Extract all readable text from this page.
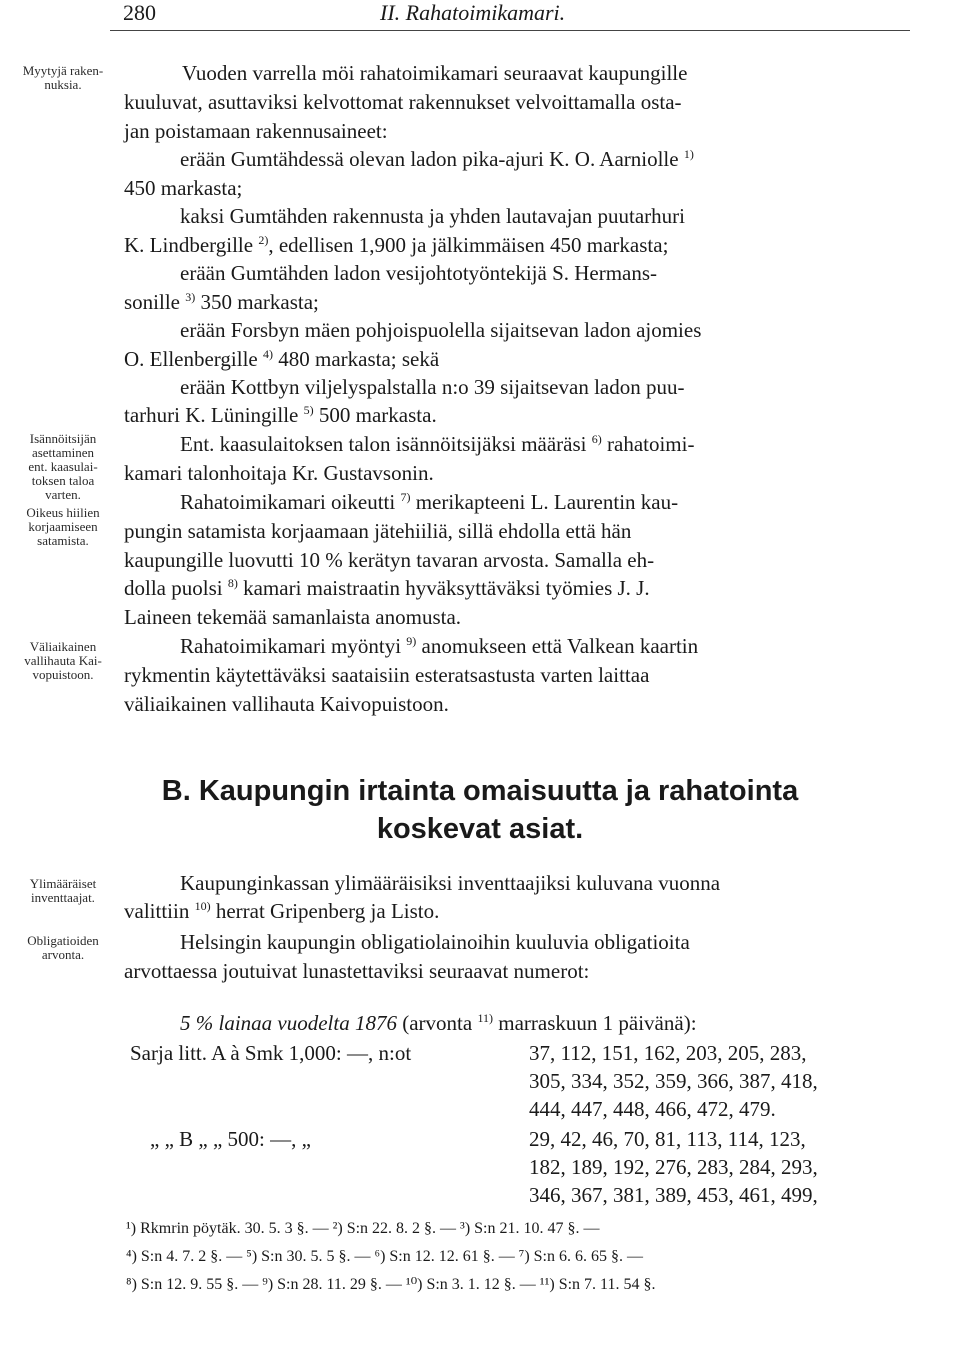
280	II. Rahatoimikamari.
Myytyjä raken-
nuksia.
Isännöitsijän
asettaminen
ent. kaasulai-
toksen taloa
varten.
Oikeus hiilien
korjaamiseen
satamista.
Väliaikainen
vallihauta Kai-
vopuistoon.
Ylimääräiset
inventtaajat.
Obligatioiden
arvonta.
Vuoden varrella möi rahatoimikamari seuraavat kaupungille
kuuluvat, asuttaviksi kelvottomat rakennukset velvoittamalla osta-
jan poistamaan rakennusaineet:
erään Gumtähdessä olevan ladon pika-ajuri K. O. Aarniolle $^{1)}$
450 markasta;
kaksi Gumtähden rakennusta ja yhden lautavajan puutarhuri
K. Lindbergille $^{2)}$, edellisen 1,900 ja jälkimmäisen 450 markasta;
erään Gumtähden ladon vesijohtotyöntekijä S. Hermans-
sonille $^{3)}$ 350 markasta;
erään Forsbyn mäen pohjoispuolella sijaitsevan ladon ajomies
O. Ellenbergille $^{4)}$ 480 markasta; sekä
erään Kottbyn viljelyspalstalla n:o 39 sijaitsevan ladon puu-
tarhuri K. Lüningille $^{5)}$ 500 markasta.
Ent. kaasulaitoksen talon isännöitsijäksi määräsi $^{6)}$ rahatoimi-
kamari talonhoitaja Kr. Gustavsonin.
Rahatoimikamari oikeutti $^{7)}$ merikapteeni L. Laurentin kau-
pungin satamista korjaamaan jätehiiliä, sillä ehdolla että hän
kaupungille luovutti 10 % kerätyn tavaran arvosta. Samalla eh-
dolla puolsi $^{8)}$ kamari maistraatin hyväksyttäväksi työmies J. J.
Laineen tekemää samanlaista anomusta.
Rahatoimikamari myöntyi $^{9)}$ anomukseen että Valkean kaartin
rykmentin käytettäväksi saataisiin esteratsastusta varten laittaa
väliaikainen vallihauta Kaivopuistoon.
B. Kaupungin irtainta omaisuutta ja rahatointa
koskevat asiat.
Kaupunginkassan ylimääräisiksi inventtaajiksi kuluvana vuonna
valittiin $^{10)}$ herrat Gripenberg ja Listo.
Helsingin kaupungin obligatiolainoihin kuuluvia obligatioita
arvottaessa joutuivat lunastettaviksi seuraavat numerot:
5 % lainaa vuodelta 1876 (arvonta $^{11)}$ marraskuun 1 päivänä):
Sarja litt. A à Smk 1,000: —, n:ot	37, 112, 151, 162, 203, 205, 283,
305, 334, 352, 359, 366, 387, 418,
444, 447, 448, 466, 472, 479.
„ „ B „ „ 500: —, „	29, 42, 46, 70, 81, 113, 114, 123,
182, 189, 192, 276, 283, 284, 293,
346, 367, 381, 389, 453, 461, 499,
¹) Rkmrin pöytäk. 30. 5. 3 §. — ²) S:n 22. 8. 2 §. — ³) S:n 21. 10. 47 §. —
⁴) S:n 4. 7. 2 §. — ⁵) S:n 30. 5. 5 §. — ⁶) S:n 12. 12. 61 §. — ⁷) S:n 6. 6. 65 §. —
⁸) S:n 12. 9. 55 §. — ⁹) S:n 28. 11. 29 §. — ¹⁰) S:n 3. 1. 12 §. — ¹¹) S:n 7. 11. 54 §.
